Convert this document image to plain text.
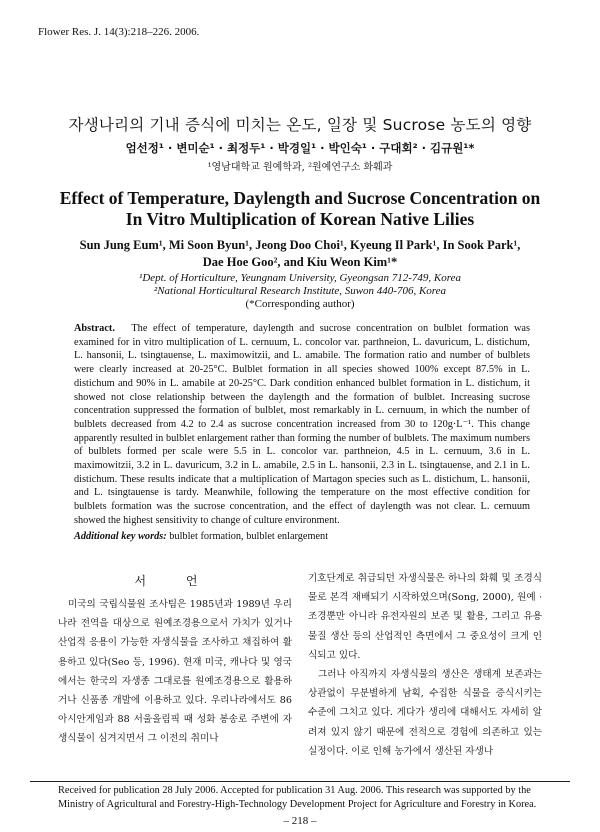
Flower Res. J. 14(3):218–226. 2006.
자생나리의 기내 증식에 미치는 온도, 일장 및 Sucrose 농도의 영향
엄선정¹ · 변미순¹ · 최정두¹ · 박경일¹ · 박인숙¹ · 구대회² · 김규원¹*
¹영남대학교 원예학과, ²원예연구소 화훼과
Effect of Temperature, Daylength and Sucrose Concentration on
In Vitro Multiplication of Korean Native Lilies
Sun Jung Eum¹, Mi Soon Byun¹, Jeong Doo Choi¹, Kyeung Il Park¹, In Sook Park¹,
Dae Hoe Goo², and Kiu Weon Kim¹*
¹Dept. of Horticulture, Yeungnam University, Gyeongsan 712-749, Korea
²National Horticultural Research Institute, Suwon 440-706, Korea
(*Corresponding author)
Abstract. The effect of temperature, daylength and sucrose concentration on bulblet formation was examined for in vitro multiplication of L. cernuum, L. concolor var. parthneion, L. davuricum, L. distichum, L. hansonii, L. tsingtauense, L. maximowitzii, and L. amabile. The formation ratio and number of bulblets were clearly increased at 20-25°C. Bulblet formation in all species showed 100% except 87.5% in L. distichum and 90% in L. amabile at 20-25°C. Dark condition enhanced bulblet formation in L. distichum, it showed not close relationship between the daylength and the formation of bulblet. Increasing sucrose concentration suppressed the formation of bulblet, most remarkably in L. cernuum, in which the number of bulblets decreased from 4.2 to 2.4 as sucrose concentration increased from 30 to 120g·L⁻¹. This change apparently resulted in bulblet enlargement rather than forming the number of bulblets. The maximum numbers of bulblets formed per scale were 5.5 in L. concolor var. parthneion, 4.5 in L. cernuum, 3.6 in L. maximowitzii, 3.2 in L. davuricum, 3.2 in L. amabile, 2.5 in L. hansonii, 2.3 in L. tsingtauense, and 2.1 in L. distichum. These results indicate that a multiplication of Martagon species such as L. distichum, L. hansonii, and L. tsingtauense is tardy. Meanwhile, following the temperature on the most effective condition for bulblets formation was the sucrose concentration, and the effect of daylength was not clear. L. cernuum showed the highest sensitivity to change of culture environment.
Additional key words: bulblet formation, bulblet enlargement
서 언

미국의 국립식물원 조사팀은 1985년과 1989년 우리나라 전역을 대상으로 원예조경용으로서 가치가 있거나 산업적 응용이 가능한 자생식물을 조사하고 채집하여 활용하고 있다(Seo 등, 1996). 현재 미국, 캐나다 및 영국에서는 한국의 자생종 그대로를 원예조경용으로 활용하거나 신품종 개발에 이용하고 있다. 우리나라에서도 86 아시안게임과 88 서울올림픽 때 성화 봉송로 주변에 자생식물이 심겨지면서 그 이전의 취미나

기호단계로 취급되던 자생식물은 하나의 화훼 및 조경식물로 본격 재배되기 시작하였으며(Song, 2000), 원예 · 조경뿐만 아니라 유전자원의 보존 및 활용, 그리고 유용물질 생산 등의 산업적인 측면에서 그 중요성이 크게 인식되고 있다.

그러나 아직까지 자생식물의 생산은 생태계 보존과는 상관없이 무분별하게 남획, 수집한 식물을 증식시키는 수준에 그치고 있다. 게다가 생리에 대해서도 자세히 알려져 있지 않기 때문에 전적으로 경험에 의존하고 있는 실정이다. 이로 인해 농가에서 생산된 자생나

Received for publication 28 July 2006. Accepted for publication 31 Aug. 2006. This research was supported by the Ministry of Agricultural and Forestry-High-Technology Development Project for Agriculture and Forestry in Korea.
– 218 –
